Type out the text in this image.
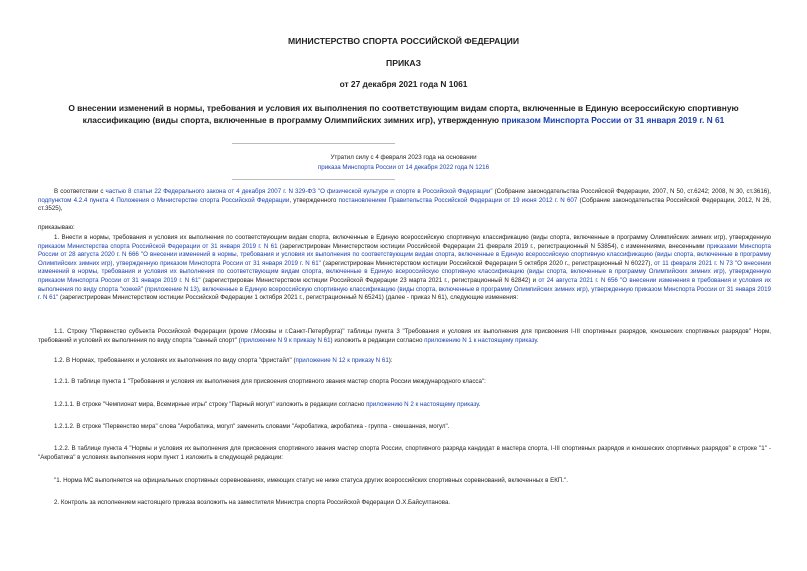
МИНИСТЕРСТВО СПОРТА РОССИЙСКОЙ ФЕДЕРАЦИИ
ПРИКАЗ
от 27 декабря 2021 года N 1061
О внесении изменений в нормы, требования и условия их выполнения по соответствующим видам спорта, включенные в Единую всероссийскую спортивную классификацию (виды спорта, включенные в программу Олимпийских зимних игр), утвержденную приказом Минспорта России от 31 января 2019 г. N 61
Утратил силу с 4 февраля 2023 года на основании
приказа Минспорта России от 14 декабря 2022 года N 1216

В соответствии с частью 8 статьи 22 Федерального закона от 4 декабря 2007 г. N 329-ФЗ "О физической культуре и спорте в Российской Федерации" (Собрание законодательства Российской Федерации, 2007, N 50, ст.6242; 2008, N 30, ст.3616), подпунктом 4.2.4 пункта 4 Положения о Министерстве спорта Российской Федерации, утвержденного постановлением Правительства Российской Федерации от 19 июня 2012 г. N 607 (Собрание законодательства Российской Федерации, 2012, N 26, ст.3525),

приказываю:

1. Внести в нормы, требования и условия их выполнения по соответствующим видам спорта, включенные в Единую всероссийскую спортивную классификацию (виды спорта, включенные в программу Олимпийских зимних игр), утвержденную приказом Министерства спорта Российской Федерации от 31 января 2019 г. N 61 (зарегистрирован Министерством юстиции Российской Федерации 21 февраля 2019 г., регистрационный N 53854), с изменениями, внесенными приказами Минспорта России от 28 августа 2020 г. N 666 "О внесении изменений в нормы, требования и условия их выполнения по соответствующим видам спорта, включенные в Единую всероссийскую спортивную классификацию (виды спорта, включенные в программу Олимпийских зимних игр), утвержденную приказом Минспорта России от 31 января 2019 г. N 61" (зарегистрирован Министерством юстиции Российской Федерации 5 октября 2020 г., регистрационный N 60227), от 11 февраля 2021 г. N 73 "О внесении изменений в нормы, требования и условия их выполнения по соответствующим видам спорта, включенные в Единую всероссийскую спортивную классификацию (виды спорта, включенные в программу Олимпийских зимних игр), утвержденную приказом Минспорта России от 31 января 2019 г. N 61" (зарегистрирован Министерством юстиции Российской Федерации 23 марта 2021 г., регистрационный N 62842) и от 24 августа 2021 г. N 656 "О внесении изменения в требования и условия их выполнения по виду спорта "хоккей" (приложение N 13), включенные в Единую всероссийскую спортивную классификацию (виды спорта, включенные в программу Олимпийских зимних игр), утвержденную приказом Минспорта России от 31 января 2019 г. N 61" (зарегистрирован Министерством юстиции Российской Федерации 1 октября 2021 г., регистрационный N 65241) (далее - приказ N 61), следующие изменения:

1.1. Строку "Первенство субъекта Российской Федерации (кроме г.Москвы и г.Санкт-Петербурга)" таблицы пункта 3 "Требования и условия их выполнения для присвоения I-III спортивных разрядов, юношеских спортивных разрядов" Норм, требований и условий их выполнения по виду спорта "санный спорт" (приложение N 9 к приказу N 61) изложить в редакции согласно приложению N 1 к настоящему приказу.

1.2. В Нормах, требованиях и условиях их выполнения по виду спорта "фристайл" (приложение N 12 к приказу N 61):

1.2.1. В таблице пункта 1 "Требования и условия их выполнения для присвоения спортивного звания мастер спорта России международного класса":

1.2.1.1. В строке "Чемпионат мира, Всемирные игры" строку "Парный могул" изложить в редакции согласно приложению N 2 к настоящему приказу.

1.2.1.2. В строке "Первенство мира" слова "Акробатика, могул" заменить словами "Акробатика, акробатика - группа - смешанная, могул".

1.2.2. В таблице пункта 4 "Нормы и условия их выполнения для присвоения спортивного звания мастер спорта России, спортивного разряда кандидат в мастера спорта, I-III спортивных разрядов и юношеских спортивных разрядов" в строке "1" - "Акробатика" в условиях выполнения норм пункт 1 изложить в следующей редакции:

"1. Норма МС выполняется на официальных спортивных соревнованиях, имеющих статус не ниже статуса других всероссийских спортивных соревнований, включенных в ЕКП.".

2. Контроль за исполнением настоящего приказа возложить на заместителя Министра спорта Российской Федерации О.Х.Байсултанова.
